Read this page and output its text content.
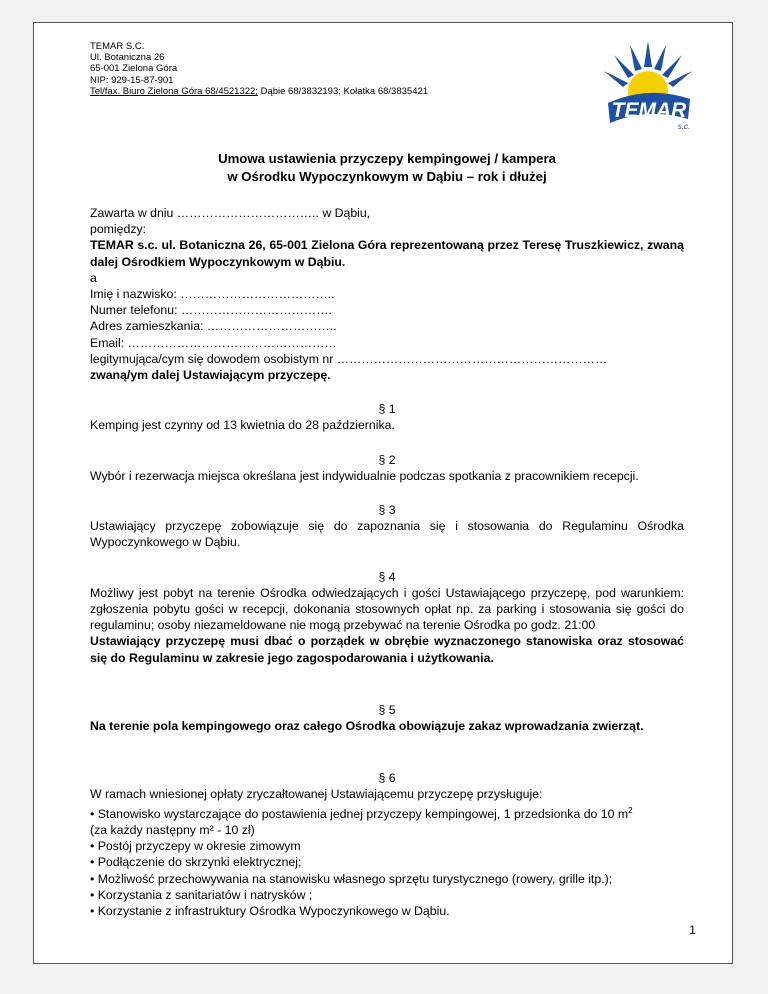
TEMAR S.C.
Ul. Botaniczna 26
65-001 Zielona Góra
NIP: 929-15-87-901
Tel/fax. Biuro Zielona Góra 68/4521322; Dąbie 68/3832193; Kołatka 68/3835421
TEMAR
s.c.
Umowa ustawienia przyczepy kempingowej / kampera
w Ośrodku Wypoczynkowym w Dąbiu – rok i dłużej

Zawarta w dniu …………………………….. w Dąbiu,

pomiędzy:

TEMAR s.c. ul. Botaniczna 26, 65-001 Zielona Góra reprezentowaną przez Teresę Truszkiewicz, zwaną dalej Ośrodkiem Wypoczynkowym w Dąbiu.

a

Imię i nazwisko: ………………………………..

Numer telefonu: ……………………………….

Adres zamieszkania: …………………………..

Email: ……………………………………………

legitymująca/cym się dowodem osobistym nr …………………………………………………………

zwaną/ym dalej Ustawiającym przyczepę.

§ 1

Kemping jest czynny od 13 kwietnia do 28 października.

§ 2

Wybór i rezerwacja miejsca określana jest indywidualnie podczas spotkania z pracownikiem recepcji.

§ 3

Ustawiający przyczepę zobowiązuje się do zapoznania się i stosowania do Regulaminu Ośrodka Wypoczynkowego w Dąbiu.

§ 4

Możliwy jest pobyt na terenie Ośrodka odwiedzających i gości Ustawiającego przyczepę, pod warunkiem: zgłoszenia pobytu gości w recepcji, dokonania stosownych opłat np. za parking i stosowania się gości do regulaminu; osoby niezameldowane nie mogą przebywać na terenie Ośrodka po godz. 21:00

Ustawiający przyczepę musi dbać o porządek w obrębie wyznaczonego stanowiska oraz stosować się do Regulaminu w zakresie jego zagospodarowania i użytkowania.

§ 5

Na terenie pola kempingowego oraz całego Ośrodka obowiązuje zakaz wprowadzania zwierząt.

§ 6

W ramach wniesionej opłaty zryczałtowanej Ustawiającemu przyczepę przysługuje:

• Stanowisko wystarczające do postawienia jednej przyczepy kempingowej, 1 przedsionka do 10 $m^2$
(za każdy następny m² - 10 zł)
• Postój przyczepy w okresie zimowym
• Podłączenie do skrzynki elektrycznej;
• Możliwość przechowywania na stanowisku własnego sprzętu turystycznego (rowery, grille itp.);
• Korzystania z sanitariatów i natrysków ;
• Korzystanie z infrastruktury Ośrodka Wypoczynkowego w Dąbiu.
1
